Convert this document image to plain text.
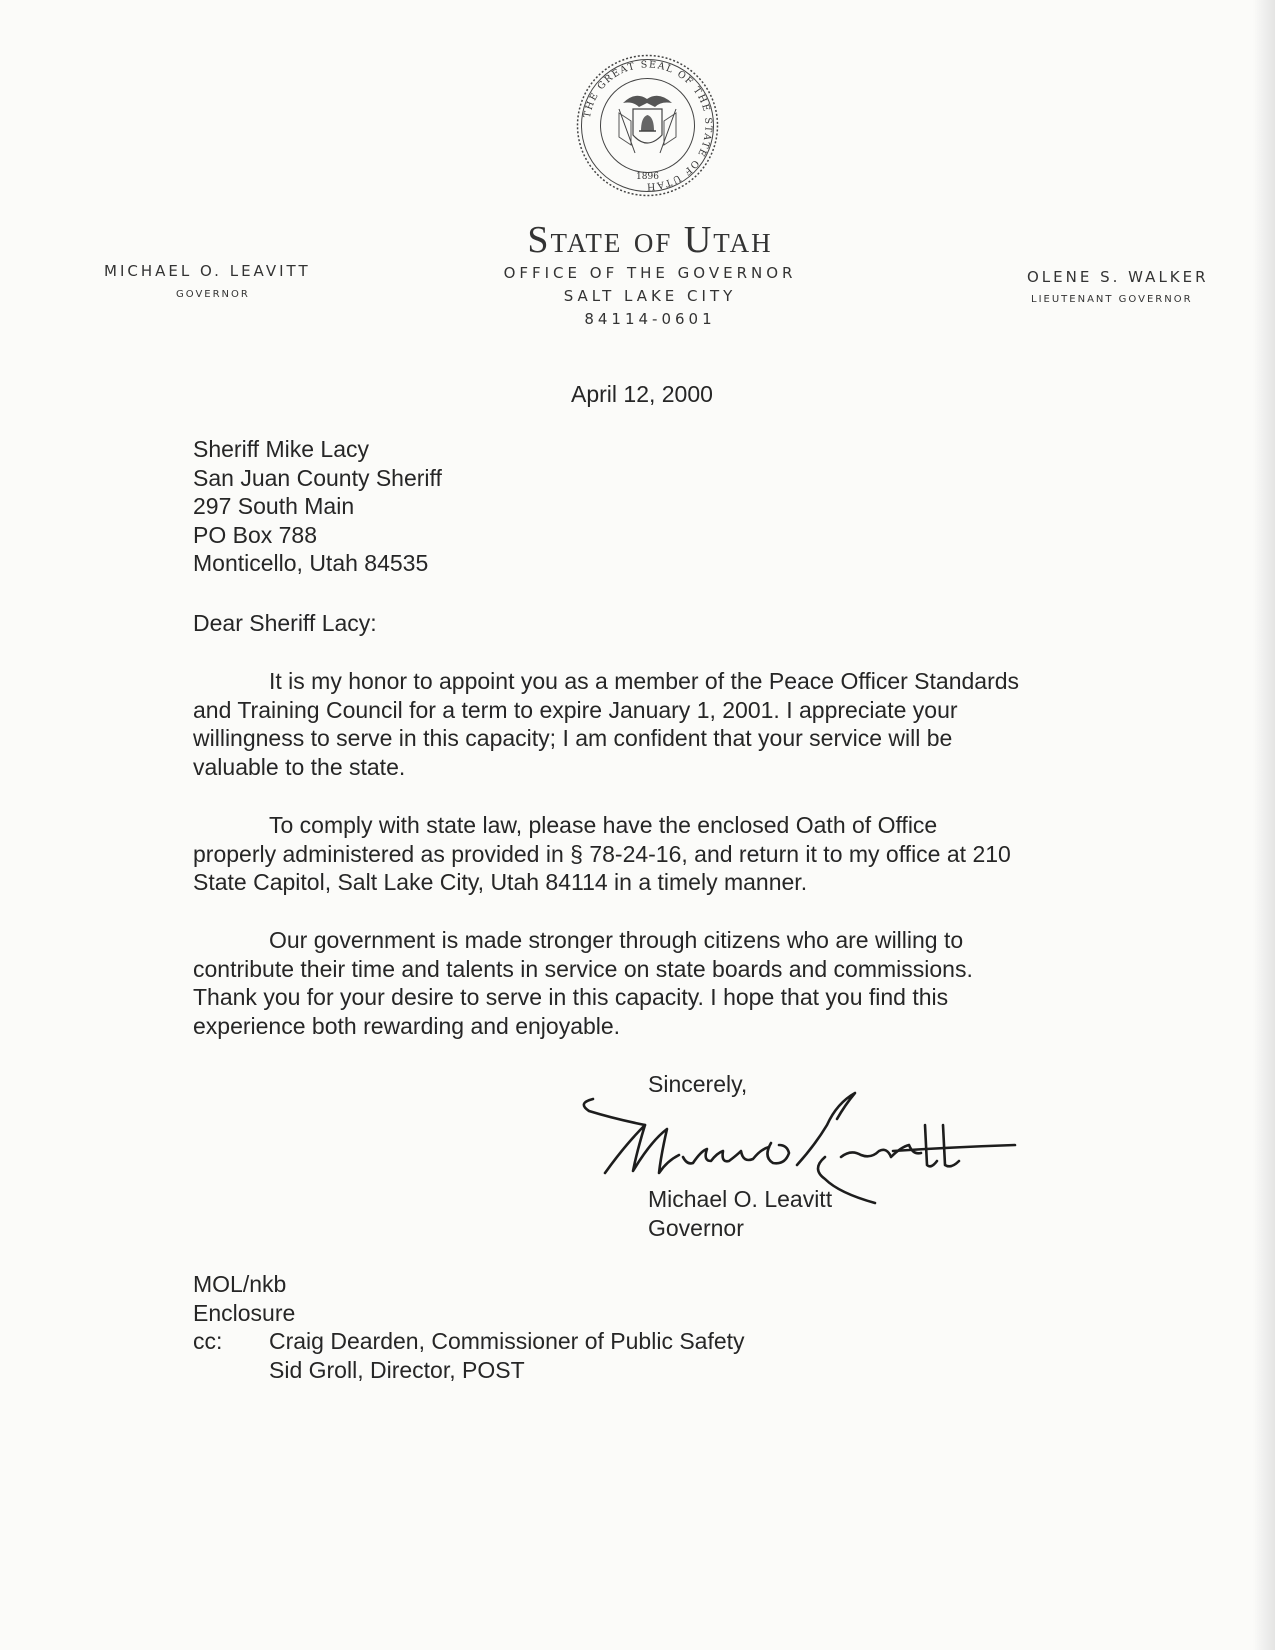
THE GREAT SEAL OF THE STATE OF UTAH
1896
State of Utah
OFFICE OF THE GOVERNOR
SALT LAKE CITY
84114-0601
MICHAEL O. LEAVITT
GOVERNOR
OLENE S. WALKER
LIEUTENANT GOVERNOR
April 12, 2000
Sheriff Mike Lacy
San Juan County Sheriff
297 South Main
PO Box 788
Monticello, Utah 84535
Dear Sheriff Lacy:
It is my honor to appoint you as a member of the Peace Officer Standards
and Training Council for a term to expire January 1, 2001. I appreciate your
willingness to serve in this capacity; I am confident that your service will be
valuable to the state.
To comply with state law, please have the enclosed Oath of Office
properly administered as provided in § 78-24-16, and return it to my office at 210
State Capitol, Salt Lake City, Utah 84114 in a timely manner.
Our government is made stronger through citizens who are willing to
contribute their time and talents in service on state boards and commissions.
Thank you for your desire to serve in this capacity. I hope that you find this
experience both rewarding and enjoyable.
Sincerely,
Michael O. Leavitt
Governor
MOL/nkb
Enclosure
cc:	Craig Dearden, Commissioner of Public Safety
Sid Groll, Director, POST
